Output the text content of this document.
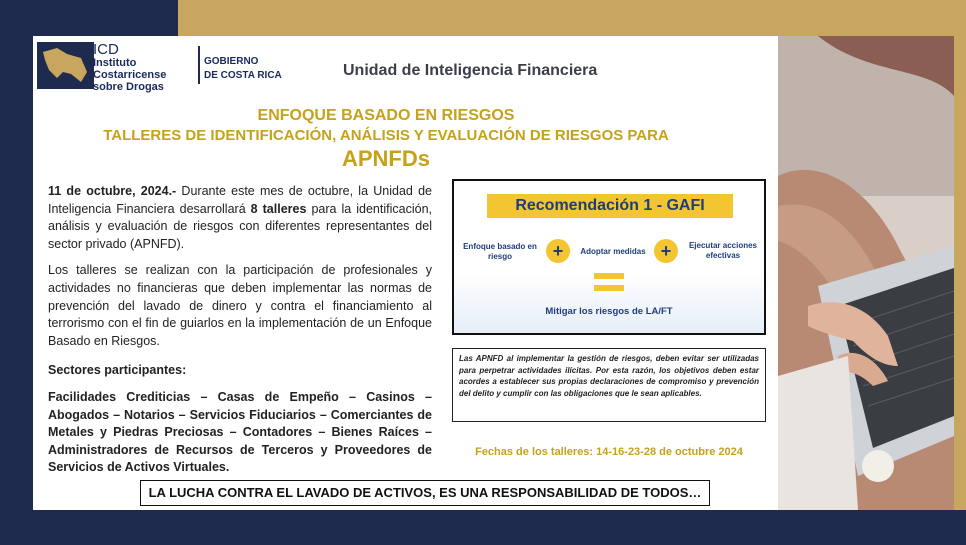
ICD
Instituto
Costarricense
sobre Drogas
GOBIERNO
DE COSTA RICA	Unidad de Inteligencia Financiera
ENFOQUE BASADO EN RIESGOS
TALLERES DE IDENTIFICACIÓN, ANÁLISIS Y EVALUACIÓN DE RIESGOS PARA
APNFDs

11 de octubre, 2024.- Durante este mes de octubre, la Unidad de Inteligencia Financiera desarrollará 8 talleres para la identificación, análisis y evaluación de riesgos con diferentes representantes del sector privado (APNFD).

Los talleres se realizan con la participación de profesionales y actividades no financieras que deben implementar las normas de prevención del lavado de dinero y contra el financiamiento al terrorismo con el fin de guiarlos en la implementación de un Enfoque Basado en Riesgos.

Sectores participantes:
Facilidades Crediticias – Casas de Empeño – Casinos – Abogados – Notarios – Servicios Fiduciarios – Comerciantes de Metales y Piedras Preciosas – Contadores – Bienes Raíces – Administradores de Recursos de Terceros y Proveedores de Servicios de Activos Virtuales.
Recomendación 1 - GAFI
Enfoque basado en riesgo	+	Adoptar medidas +	Ejecutar acciones efectivas
Mitigar los riesgos de LA/FT
Las APNFD al implementar la gestión de riesgos, deben evitar ser utilizadas para perpetrar actividades ilícitas. Por esta razón, los objetivos deben estar acordes a establecer sus propias declaraciones de compromiso y prevención del delito y cumplir con las obligaciones que le sean aplicables.
Fechas de los talleres: 14-16-23-28 de octubre 2024
LA LUCHA CONTRA EL LAVADO DE ACTIVOS, ES UNA RESPONSABILIDAD DE TODOS…
